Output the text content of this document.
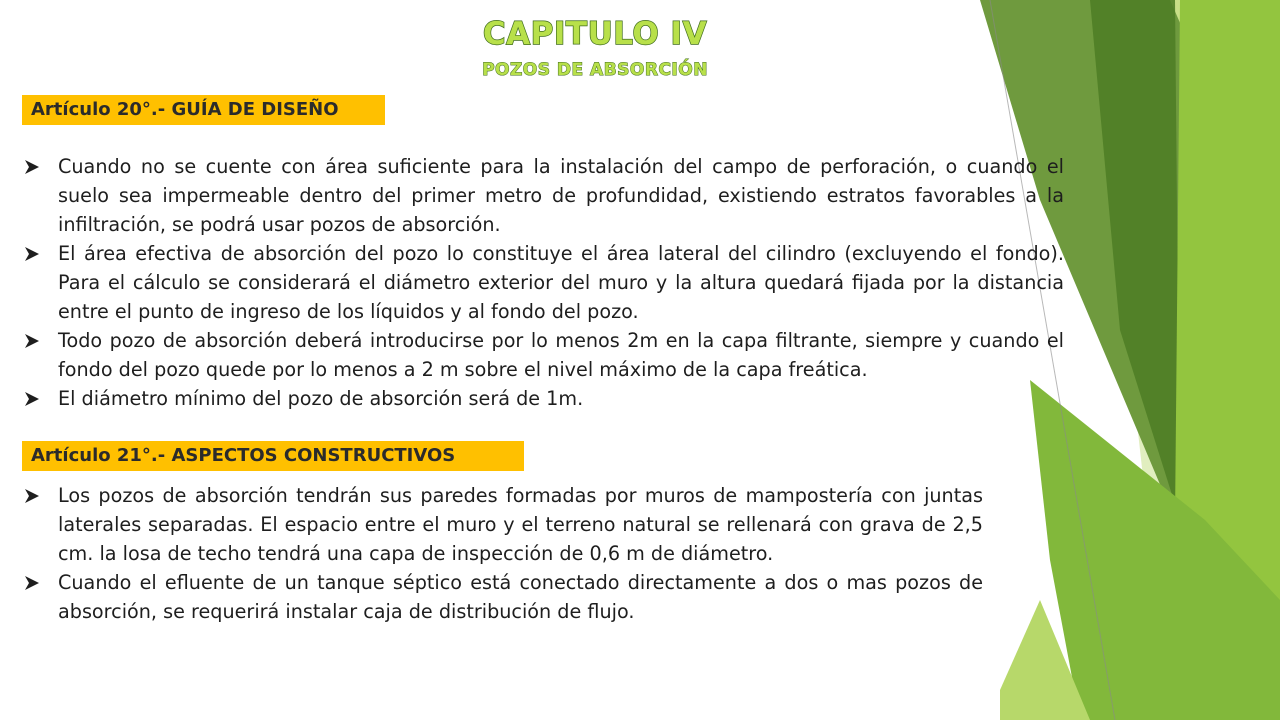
CAPITULO IV
POZOS DE ABSORCIÓN
Artículo 20°.- GUÍA DE DISEÑO
Cuando no se cuente con área suficiente para la instalación del campo de perforación, o cuando el suelo sea impermeable dentro del primer metro de profundidad, existiendo estratos favorables a la infiltración, se podrá usar pozos de absorción.
El área efectiva de absorción del pozo lo constituye el área lateral del cilindro (excluyendo el fondo). Para el cálculo se considerará el diámetro exterior del muro y la altura quedará fijada por la distancia entre el punto de ingreso de los líquidos y al fondo del pozo.
Todo pozo de absorción deberá introducirse por lo menos 2m en la capa filtrante, siempre y cuando el fondo del pozo quede por lo menos a 2 m sobre el nivel máximo de la capa freática.
El diámetro mínimo del pozo de absorción será de 1m.
Artículo 21°.- ASPECTOS CONSTRUCTIVOS
Los pozos de absorción tendrán sus paredes formadas por muros de mampostería con juntas laterales separadas. El espacio entre el muro y el terreno natural se rellenará con grava de 2,5 cm. la losa de techo tendrá una capa de inspección de 0,6 m de diámetro.
Cuando el efluente de un tanque séptico está conectado directamente a dos o mas pozos de absorción, se requerirá instalar caja de distribución de flujo.
